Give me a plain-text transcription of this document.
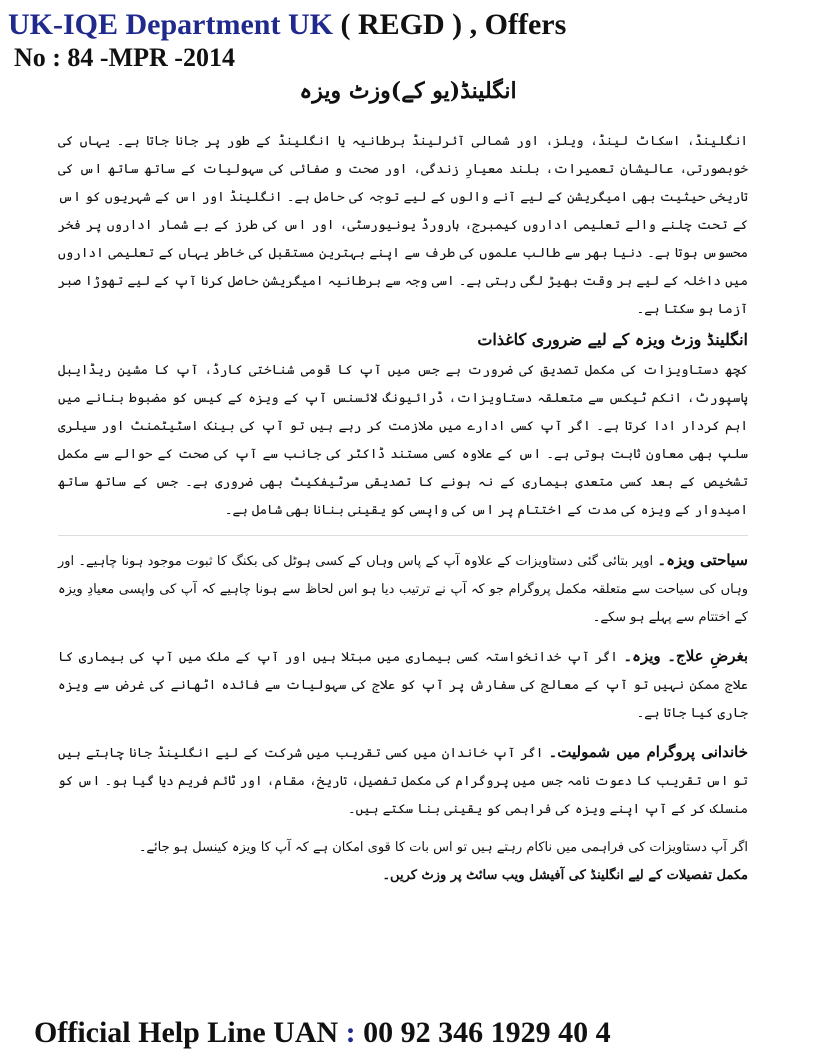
UK-IQE Department UK ( REGD ) , Offers
No : 84 -MPR -2014
انگلینڈ(یو کے)وزٹ ویزہ

انگلینڈ، اسکاٹ لینڈ، ویلز، اور شمالی آئرلینڈ برطانیہ یا انگلینڈ کے طور پر جانا جاتا ہے۔ یہاں کی خوبصورتی، عالیشان تعمیرات، بلند معیارِ زندگی، اور صحت و صفائی کی سہولیات کے ساتھ ساتھ اس کی تاریخی حیثیت بھی امیگریشن کے لیے آنے والوں کے لیے توجہ کی حامل ہے۔ انگلینڈ اور اس کے شہریوں کو اس کے تحت چلنے والے تعلیمی اداروں کیمبرج، ہارورڈ یونیورسٹی، اور اس کی طرز کے بے شمار اداروں پر فخر محسوس ہوتا ہے۔ دنیا بھر سے طالب علموں کی طرف سے اپنے بہترین مستقبل کی خاطر یہاں کے تعلیمی اداروں میں داخلہ کے لیے ہر وقت بھیڑ لگی رہتی ہے۔ اسی وجہ سے برطانیہ امیگریشن حاصل کرنا آپ کے لیے تھوڑا صبر آزما ہو سکتا ہے۔

انگلینڈ وزٹ ویزہ کے لیے ضروری کاغذات

کچھ دستاویزات کی مکمل تصدیق کی ضرورت ہے جس میں آپ کا قومی شناختی کارڈ، آپ کا مشین ریڈایبل پاسپورٹ، انکم ٹیکس سے متعلقہ دستاویزات، ڈرائیونگ لائسنس آپ کے ویزہ کے کیس کو مضبوط بنانے میں اہم کردار ادا کرتا ہے۔ اگر آپ کسی ادارے میں ملازمت کر رہے ہیں تو آپ کی بینک اسٹیٹمنٹ اور سیلری سلپ بھی معاون ثابت ہوتی ہے۔ اس کے علاوہ کسی مستند ڈاکٹر کی جانب سے آپ کی صحت کے حوالے سے مکمل تشخیص کے بعد کسی متعدی بیماری کے نہ ہونے کا تصدیقی سرٹیفکیٹ بھی ضروری ہے۔ جس کے ساتھ ساتھ امیدوار کے ویزہ کی مدت کے اختتام پر اس کی واپسی کو یقینی بنانا بھی شامل ہے۔

سیاحتی ویزہ۔ اوپر بتائی گئی دستاویزات کے علاوہ آپ کے پاس وہاں کے کسی ہوٹل کی بکنگ کا ثبوت موجود ہونا چاہیے۔ اور وہاں کی سیاحت سے متعلقہ مکمل پروگرام جو کہ آپ نے ترتیب دیا ہو اس لحاظ سے ہونا چاہیے کہ آپ کی واپسی معیادِ ویزہ کے اختتام سے پہلے ہو سکے۔

بغرضِ علاج۔ ویزہ۔ اگر آپ خدانخواستہ کسی بیماری میں مبتلا ہیں اور آپ کے ملک میں آپ کی بیماری کا علاج ممکن نہیں تو آپ کے معالج کی سفارش پر آپ کو علاج کی سہولیات سے فائدہ اٹھانے کی غرض سے ویزہ جاری کیا جاتا ہے۔

خاندانی پروگرام میں شمولیت۔ اگر آپ خاندان میں کسی تقریب میں شرکت کے لیے انگلینڈ جانا چاہتے ہیں تو اس تقریب کا دعوت نامہ جس میں پروگرام کی مکمل تفصیل، تاریخ، مقام، اور ٹائم فریم دیا گیا ہو۔ اس کو منسلک کر کے آپ اپنے ویزہ کی فراہمی کو یقینی بنا سکتے ہیں۔

اگر آپ دستاویزات کی فراہمی میں ناکام رہتے ہیں تو اس بات کا قوی امکان ہے کہ آپ کا ویزہ کینسل ہو جائے۔

مکمل تفصیلات کے لیے انگلینڈ کی آفیشل ویب سائٹ پر وزٹ کریں۔

Official Help Line UAN : 00 92 346 1929 40 4
